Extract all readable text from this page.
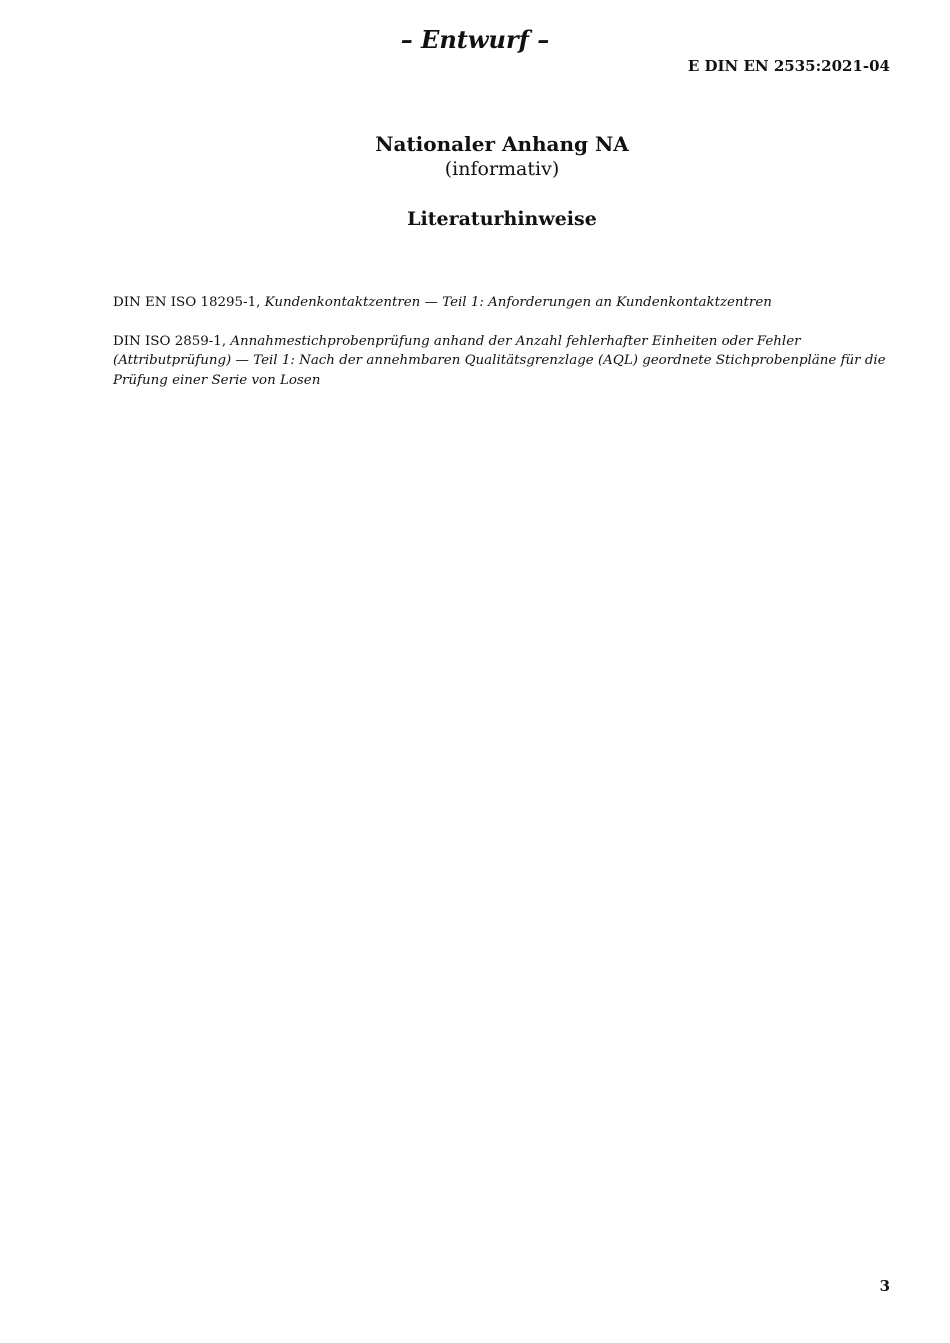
– Entwurf –
E DIN EN 2535:2021-04
Nationaler Anhang NA
(informativ)
Literaturhinweise
DIN EN ISO 18295-1, Kundenkontaktzentren — Teil 1: Anforderungen an Kundenkontaktzentren
DIN ISO 2859-1, Annahmestichprobenprüfung anhand der Anzahl fehlerhafter Einheiten oder Fehler (Attributprüfung) — Teil 1: Nach der annehmbaren Qualitätsgrenzlage (AQL) geordnete Stichprobenpläne für die Prüfung einer Serie von Losen
3
